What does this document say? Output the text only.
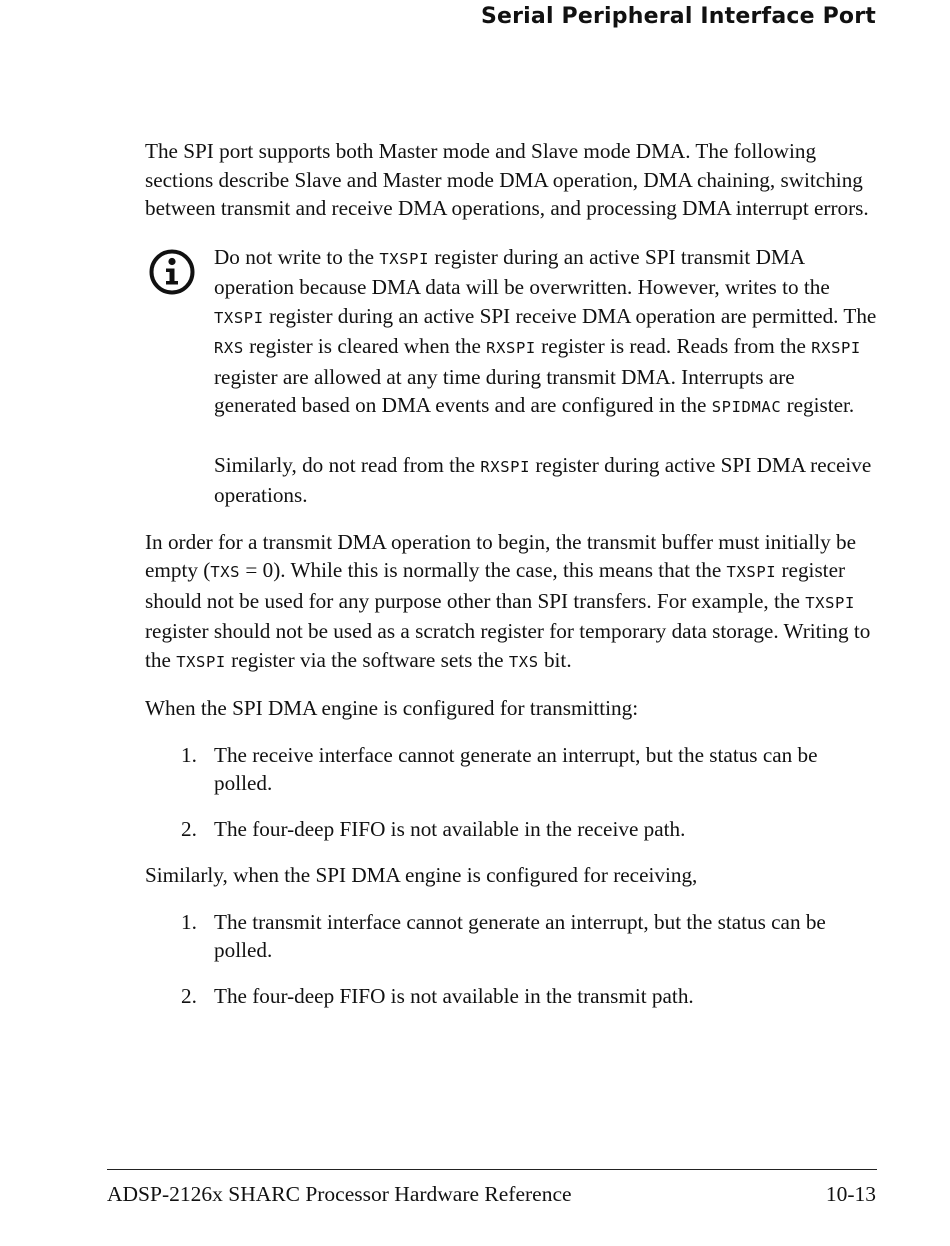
Serial Peripheral Interface Port

The SPI port supports both Master mode and Slave mode DMA. The following sections describe Slave and Master mode DMA operation, DMA chaining, switching between transmit and receive DMA operations, and processing DMA interrupt errors.

Do not write to the TXSPI register during an active SPI transmit DMA operation because DMA data will be overwritten. However, writes to the TXSPI register during an active SPI receive DMA operation are permitted. The RXS register is cleared when the RXSPI register is read. Reads from the RXSPI register are allowed at any time during transmit DMA. Interrupts are generated based on DMA events and are configured in the SPIDMAC register.

Similarly, do not read from the RXSPI register during active SPI DMA receive operations.

In order for a transmit DMA operation to begin, the transmit buffer must initially be empty (TXS = 0). While this is normally the case, this means that the TXSPI register should not be used for any purpose other than SPI transfers. For example, the TXSPI register should not be used as a scratch register for temporary data storage. Writing to the TXSPI register via the software sets the TXS bit.

When the SPI DMA engine is configured for transmitting:

1. The receive interface cannot generate an interrupt, but the status can be polled.
2. The four-deep FIFO is not available in the receive path.

Similarly, when the SPI DMA engine is configured for receiving,

1. The transmit interface cannot generate an interrupt, but the status can be polled.
2. The four-deep FIFO is not available in the transmit path.
ADSP-2126x SHARC Processor Hardware Reference	10-13
